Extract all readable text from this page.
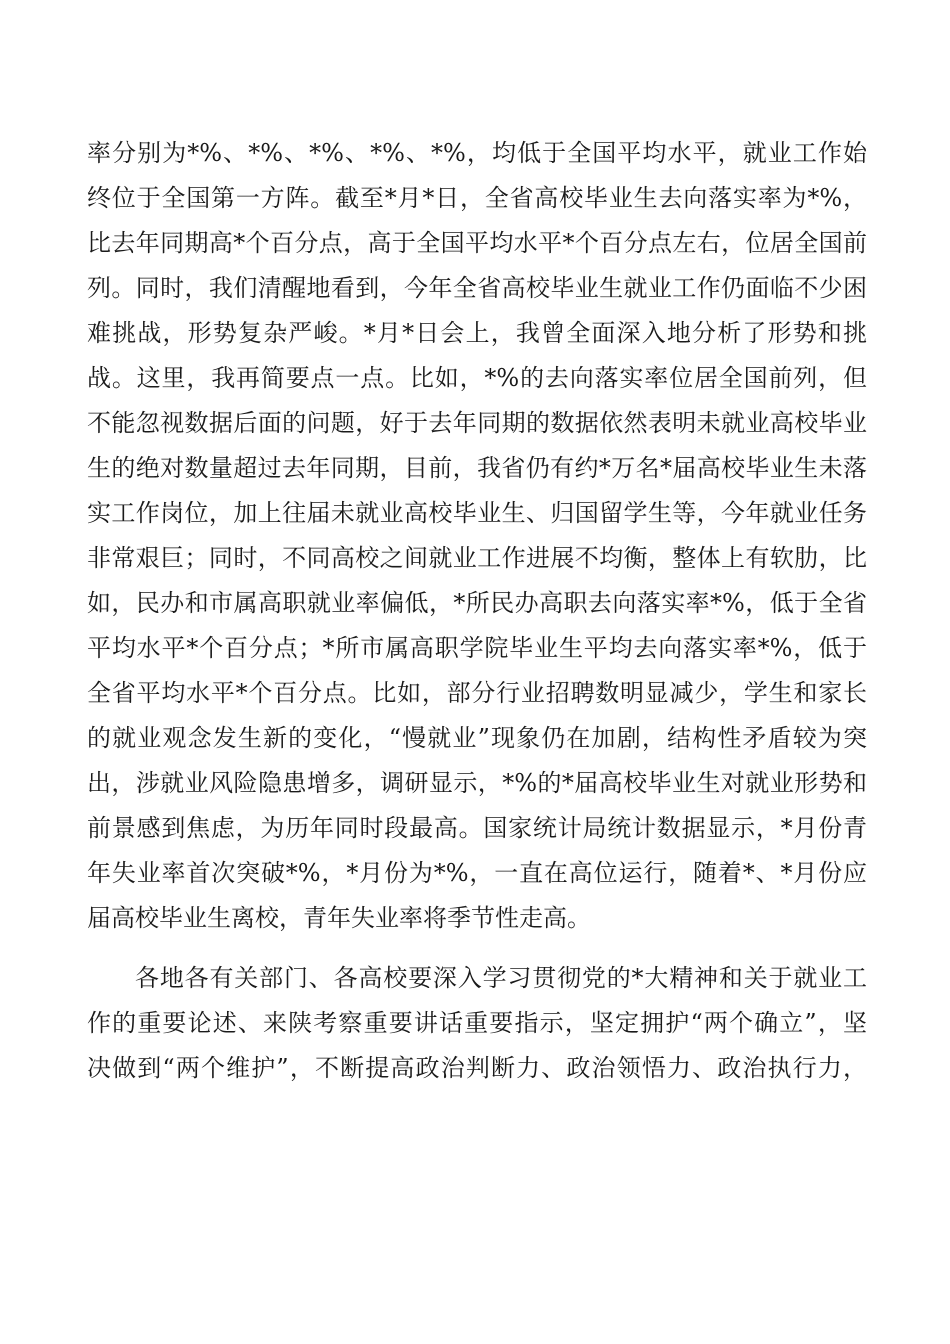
率分别为*%、*%、*%、*%、*%，均低于全国平均水平，就业工作始
终位于全国第一方阵。截至*月*日，全省高校毕业生去向落实率为*%，
比去年同期高*个百分点，高于全国平均水平*个百分点左右，位居全国前
列。同时，我们清醒地看到，今年全省高校毕业生就业工作仍面临不少困
难挑战，形势复杂严峻。*月*日会上，我曾全面深入地分析了形势和挑
战。这里，我再简要点一点。比如，*%的去向落实率位居全国前列，但
不能忽视数据后面的问题，好于去年同期的数据依然表明未就业高校毕业
生的绝对数量超过去年同期，目前，我省仍有约*万名*届高校毕业生未落
实工作岗位，加上往届未就业高校毕业生、归国留学生等，今年就业任务
非常艰巨；同时，不同高校之间就业工作进展不均衡，整体上有软肋，比
如，民办和市属高职就业率偏低，*所民办高职去向落实率*%，低于全省
平均水平*个百分点；*所市属高职学院毕业生平均去向落实率*%，低于
全省平均水平*个百分点。比如，部分行业招聘数明显减少，学生和家长
的就业观念发生新的变化，“慢就业”现象仍在加剧，结构性矛盾较为突
出，涉就业风险隐患增多，调研显示，*%的*届高校毕业生对就业形势和
前景感到焦虑，为历年同时段最高。国家统计局统计数据显示，*月份青
年失业率首次突破*%，*月份为*%，一直在高位运行，随着*、*月份应
届高校毕业生离校，青年失业率将季节性走高。
各地各有关部门、各高校要深入学习贯彻党的*大精神和关于就业工
作的重要论述、来陕考察重要讲话重要指示，坚定拥护“两个确立”，坚
决做到“两个维护”，不断提高政治判断力、政治领悟力、政治执行力，
